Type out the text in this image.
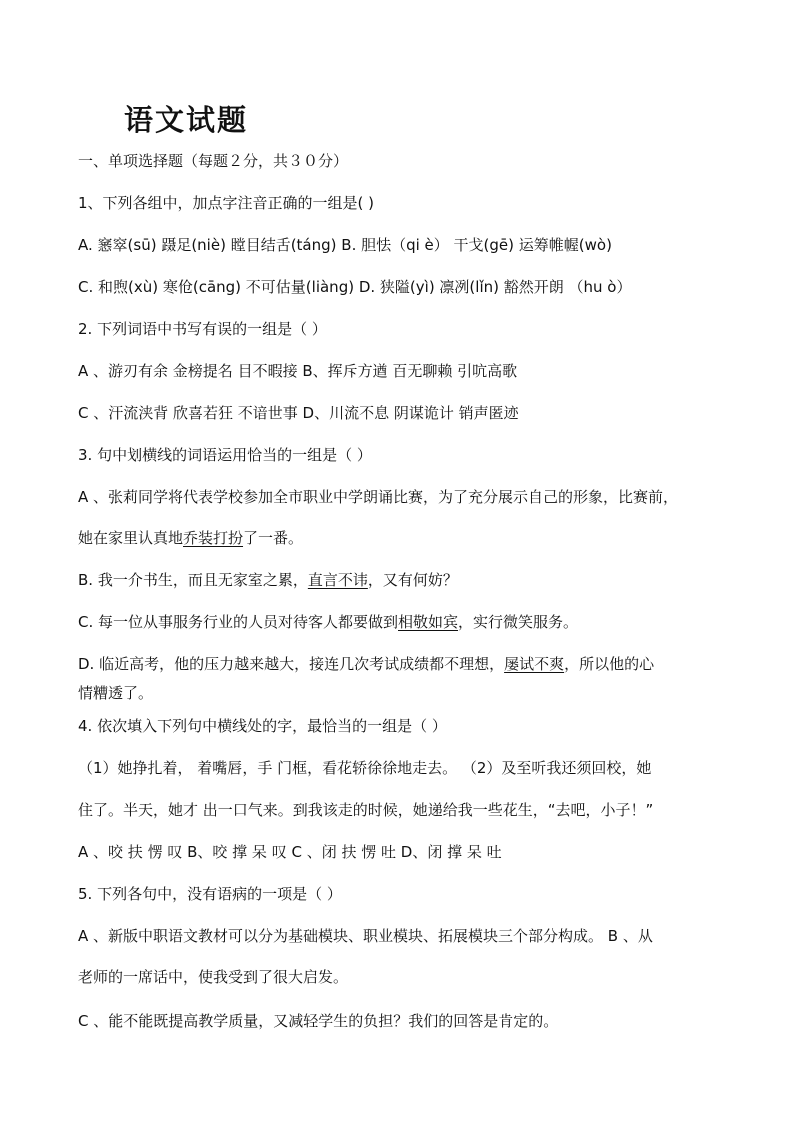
语文试题
一、单项选择题（每题２分，共３０分）
1、下列各组中，加点字注音正确的一组是( )
A. 窸窣(sū) 蹑足(niè) 瞠目结舌(táng) B. 胆怯（qi è） 干戈(gē) 运筹帷幄(wò)
C. 和煦(xù) 寒伧(cāng) 不可估量(liàng) D. 狭隘(yì) 凛冽(lǐn) 豁然开朗 （hu ò）
2. 下列词语中书写有误的一组是（ ）
A 、游刃有余 金榜提名 目不暇接 B、挥斥方遒 百无聊赖 引吭高歌
C 、汗流浃背 欣喜若狂 不谙世事 D、川流不息 阴谋诡计 销声匿迹
3. 句中划横线的词语运用恰当的一组是（ ）
A 、张莉同学将代表学校参加全市职业中学朗诵比赛，为了充分展示自己的形象，比赛前，
她在家里认真地乔装打扮了一番。
B. 我一介书生，而且无家室之累，直言不讳，又有何妨？
C. 每一位从事服务行业的人员对待客人都要做到相敬如宾，实行微笑服务。
D. 临近高考，他的压力越来越大，接连几次考试成绩都不理想，屡试不爽，所以他的心
情糟透了。
4. 依次填入下列句中横线处的字，最恰当的一组是（ ）
（1）她挣扎着， 着嘴唇，手 门框，看花轿徐徐地走去。 （2）及至听我还须回校，她
住了。半天，她才 出一口气来。到我该走的时候，她递给我一些花生，“去吧，小子！”
A 、咬 扶 愣 叹 B、咬 撑 呆 叹 C 、闭 扶 愣 吐 D、闭 撑 呆 吐
5. 下列各句中，没有语病的一项是（ ）
A 、新版中职语文教材可以分为基础模块、职业模块、拓展模块三个部分构成。 B 、从
老师的一席话中，使我受到了很大启发。
C 、能不能既提高教学质量，又减轻学生的负担？我们的回答是肯定的。
